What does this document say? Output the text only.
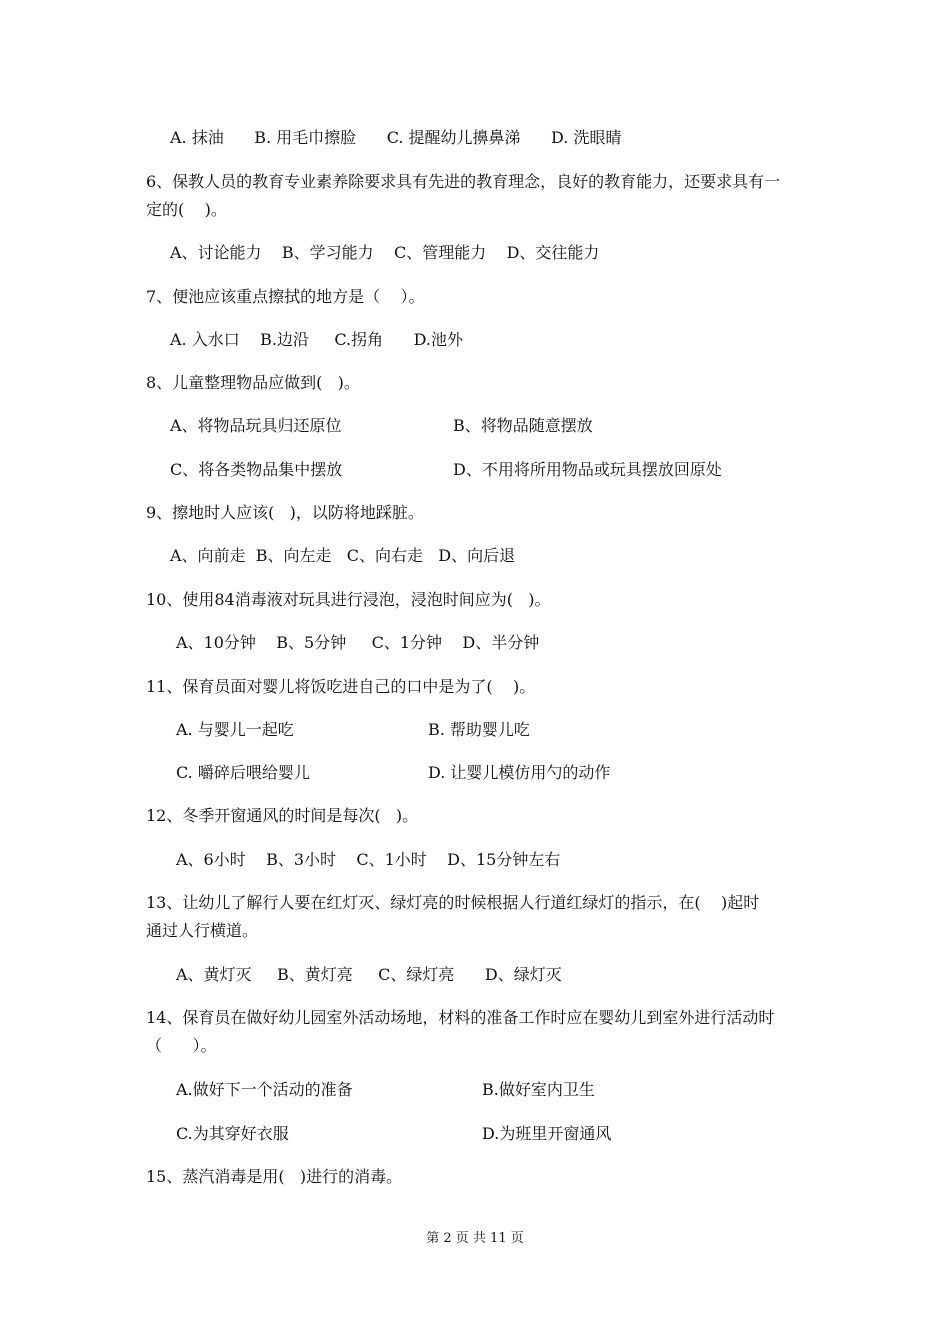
A. 抹油      B. 用毛巾擦脸      C. 提醒幼儿擤鼻涕      D. 洗眼睛
6、保教人员的教育专业素养除要求具有先进的教育理念，良好的教育能力，还要求具有一
定的(    )。
A、讨论能力    B、学习能力    C、管理能力    D、交往能力
7、便池应该重点擦拭的地方是（    ）。
A. 入水口    B.边沿     C.拐角      D.池外
8、儿童整理物品应做到(   )。
A、将物品玩具归还原位	B、将物品随意摆放
C、将各类物品集中摆放	D、不用将所用物品或玩具摆放回原处
9、擦地时人应该(   )，以防将地踩脏。
A、向前走  B、向左走   C、向右走   D、向后退
10、使用84消毒液对玩具进行浸泡，浸泡时间应为(   )。
A、10分钟    B、5分钟     C、1分钟    D、半分钟
11、保育员面对婴儿将饭吃进自己的口中是为了(    )。
A. 与婴儿一起吃	B. 帮助婴儿吃
C. 嚼碎后喂给婴儿	D. 让婴儿模仿用勺的动作
12、冬季开窗通风的时间是每次(   )。
A、6小时    B、3小时    C、1小时    D、15分钟左右
13、让幼儿了解行人要在红灯灭、绿灯亮的时候根据人行道红绿灯的指示，在(    )起时
通过人行横道。
A、黄灯灭     B、黄灯亮     C、绿灯亮      D、绿灯灭
14、保育员在做好幼儿园室外活动场地，材料的准备工作时应在婴幼儿到室外进行活动时
（      ）。
A.做好下一个活动的准备	B.做好室内卫生
C.为其穿好衣服	D.为班里开窗通风
15、蒸汽消毒是用(   )进行的消毒。
第 2 页 共 11 页
